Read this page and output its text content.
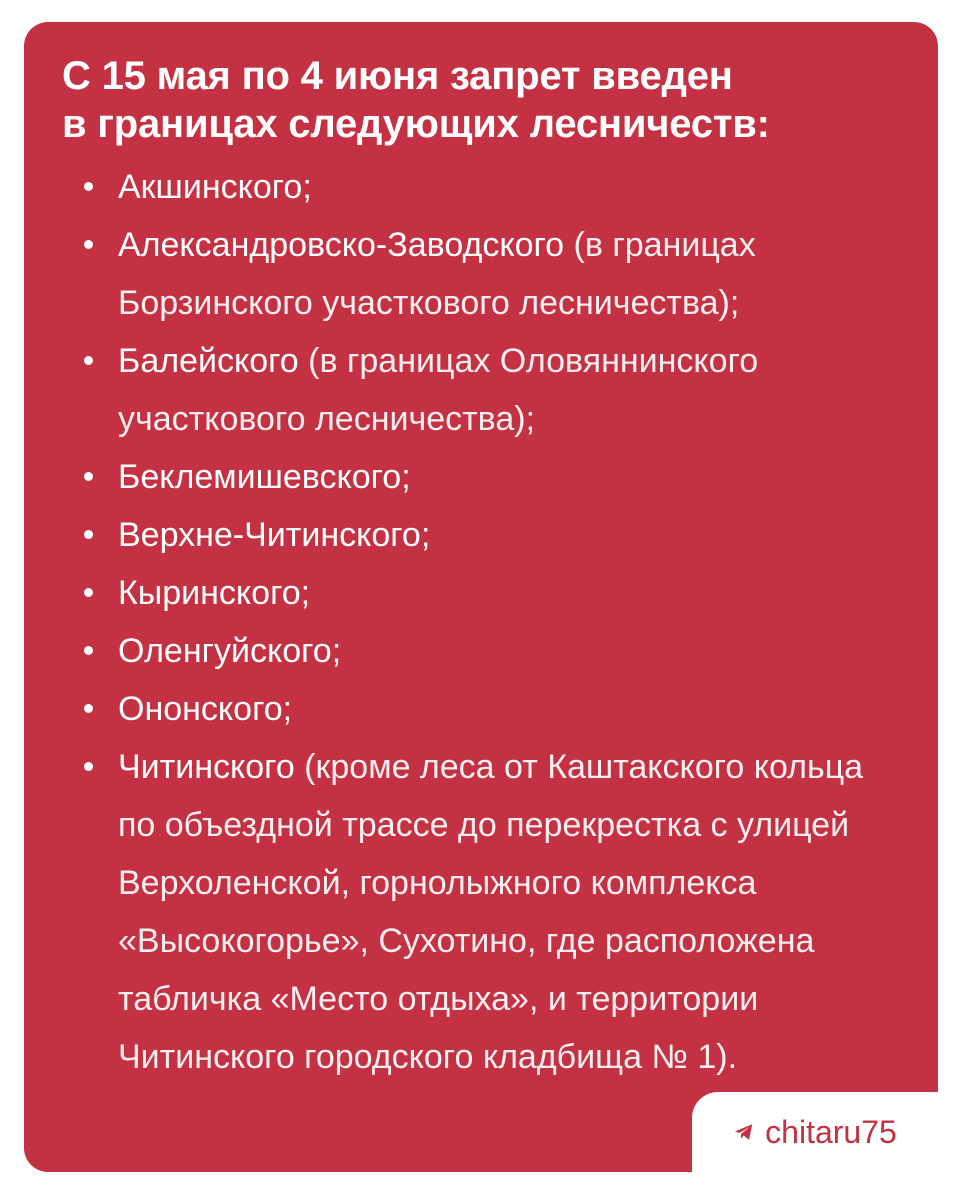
С 15 мая по 4 июня запрет введен
в границах следующих лесничеств:
Акшинского;
Александровско-Заводского (в границах Борзинского участкового лесничества);
Балейского (в границах Оловяннинского участкового лесничества);
Беклемишевского;
Верхне-Читинского;
Кыринского;
Оленгуйского;
Ононского;
Читинского (кроме леса от Каштакского кольца по объездной трассе до перекрестка с улицей Верхоленской, горнолыжного комплекса «Высокогорье», Сухотино, где расположена табличка «Место отдыха», и территории Читинского городского кладбища № 1).
chitaru75
